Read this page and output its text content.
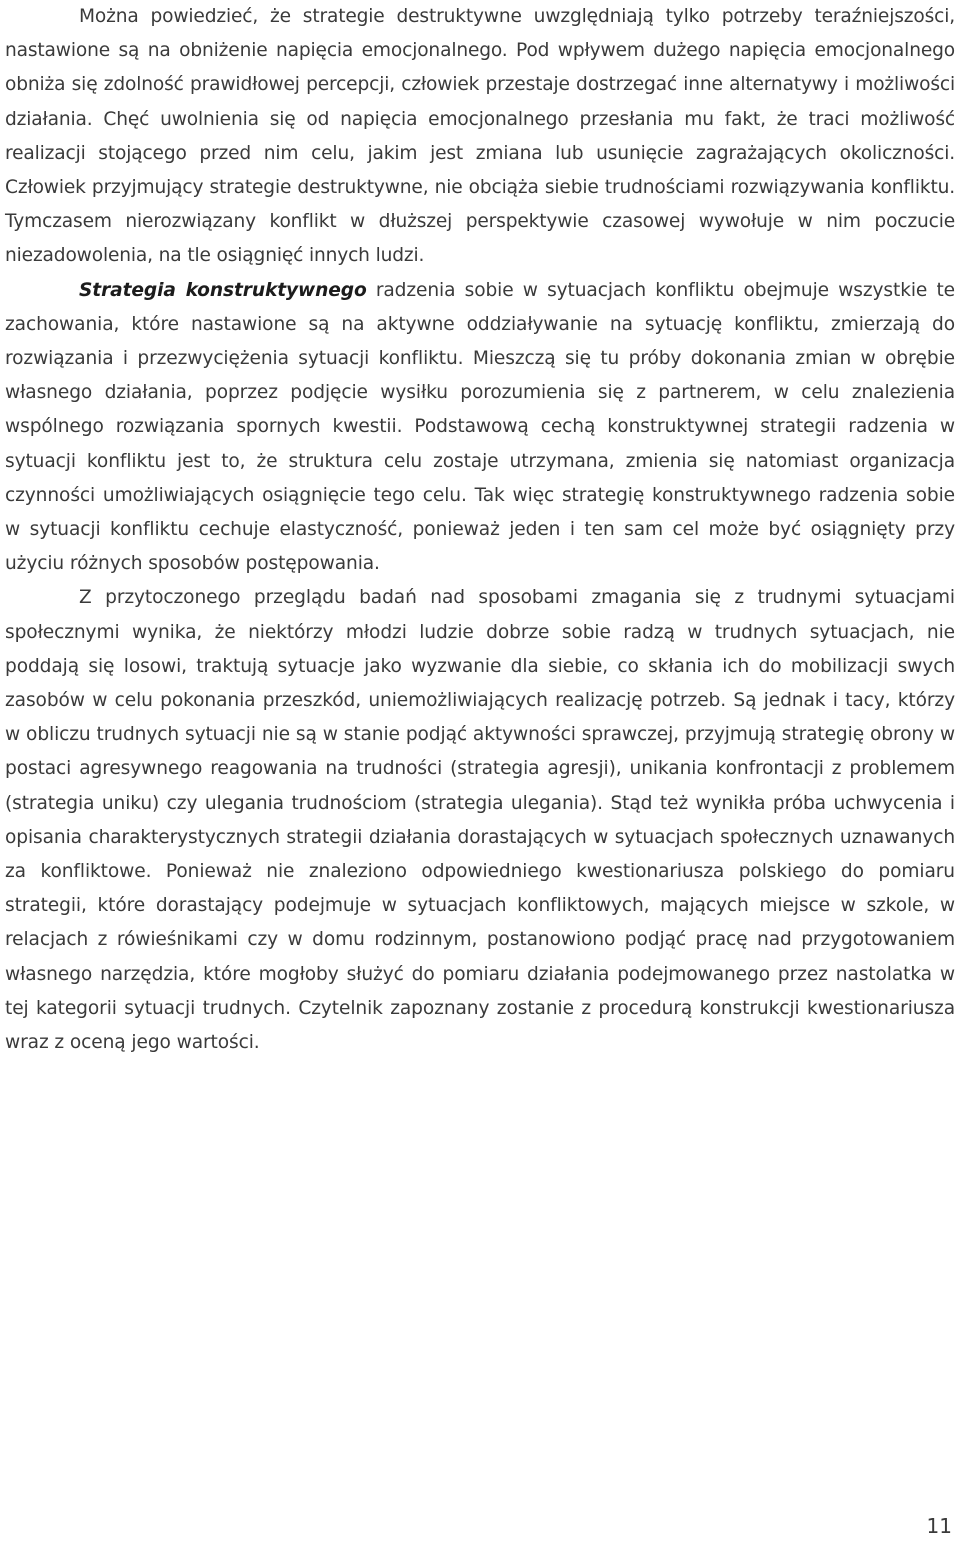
Można powiedzieć, że strategie destruktywne uwzględniają tylko potrzeby teraźniejszości, nastawione są na obniżenie napięcia emocjonalnego. Pod wpływem dużego napięcia emocjonalnego obniża się zdolność prawidłowej percepcji, człowiek przestaje dostrzegać inne alternatywy i możliwości działania. Chęć uwolnienia się od napięcia emocjonalnego przesłania mu fakt, że traci możliwość realizacji stojącego przed nim celu, jakim jest zmiana lub usunięcie zagrażających okoliczności. Człowiek przyjmujący strategie destruktywne, nie obciąża siebie trudnościami rozwiązywania konfliktu. Tymczasem nierozwiązany konflikt w dłuższej perspektywie czasowej wywołuje w nim poczucie niezadowolenia, na tle osiągnięć innych ludzi.

Strategia konstruktywnego radzenia sobie w sytuacjach konfliktu obejmuje wszystkie te zachowania, które nastawione są na aktywne oddziaływanie na sytuację konfliktu, zmierzają do rozwiązania i przezwyciężenia sytuacji konfliktu. Mieszczą się tu próby dokonania zmian w obrębie własnego działania, poprzez podjęcie wysiłku porozumienia się z partnerem, w celu znalezienia wspólnego rozwiązania spornych kwestii. Podstawową cechą konstruktywnej strategii radzenia w sytuacji konfliktu jest to, że struktura celu zostaje utrzymana, zmienia się natomiast organizacja czynności umożliwiających osiągnięcie tego celu. Tak więc strategię konstruktywnego radzenia sobie w sytuacji konfliktu cechuje elastyczność, ponieważ jeden i ten sam cel może być osiągnięty przy użyciu różnych sposobów postępowania.

Z przytoczonego przeglądu badań nad sposobami zmagania się z trudnymi sytuacjami społecznymi wynika, że niektórzy młodzi ludzie dobrze sobie radzą w trudnych sytuacjach, nie poddają się losowi, traktują sytuacje jako wyzwanie dla siebie, co skłania ich do mobilizacji swych zasobów w celu pokonania przeszkód, uniemożliwiających realizację potrzeb. Są jednak i tacy, którzy w obliczu trudnych sytuacji nie są w stanie podjąć aktywności sprawczej, przyjmują strategię obrony w postaci agresywnego reagowania na trudności (strategia agresji), unikania konfrontacji z problemem (strategia uniku) czy ulegania trudnościom (strategia ulegania). Stąd też wynikła próba uchwycenia i opisania charakterystycznych strategii działania dorastających w sytuacjach społecznych uznawanych za konfliktowe. Ponieważ nie znaleziono odpowiedniego kwestionariusza polskiego do pomiaru strategii, które dorastający podejmuje w sytuacjach konfliktowych, mających miejsce w szkole, w relacjach z rówieśnikami czy w domu rodzinnym, postanowiono podjąć pracę nad przygotowaniem własnego narzędzia, które mogłoby służyć do pomiaru działania podejmowanego przez nastolatka w tej kategorii sytuacji trudnych. Czytelnik zapoznany zostanie z procedurą konstrukcji kwestionariusza wraz z oceną jego wartości.

11
